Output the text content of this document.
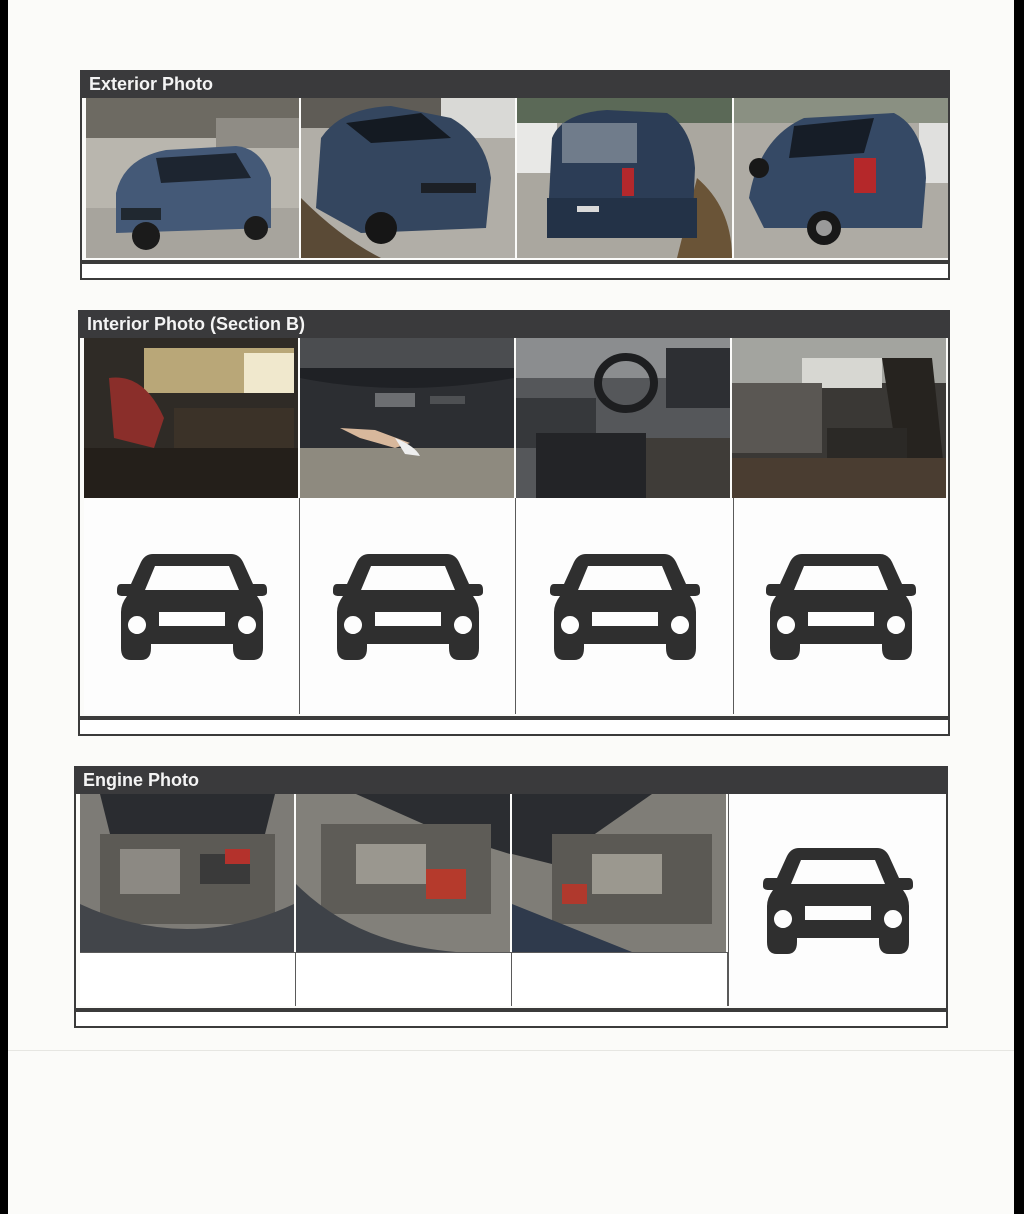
Exterior Photo
Interior Photo (Section B)
Engine Photo
